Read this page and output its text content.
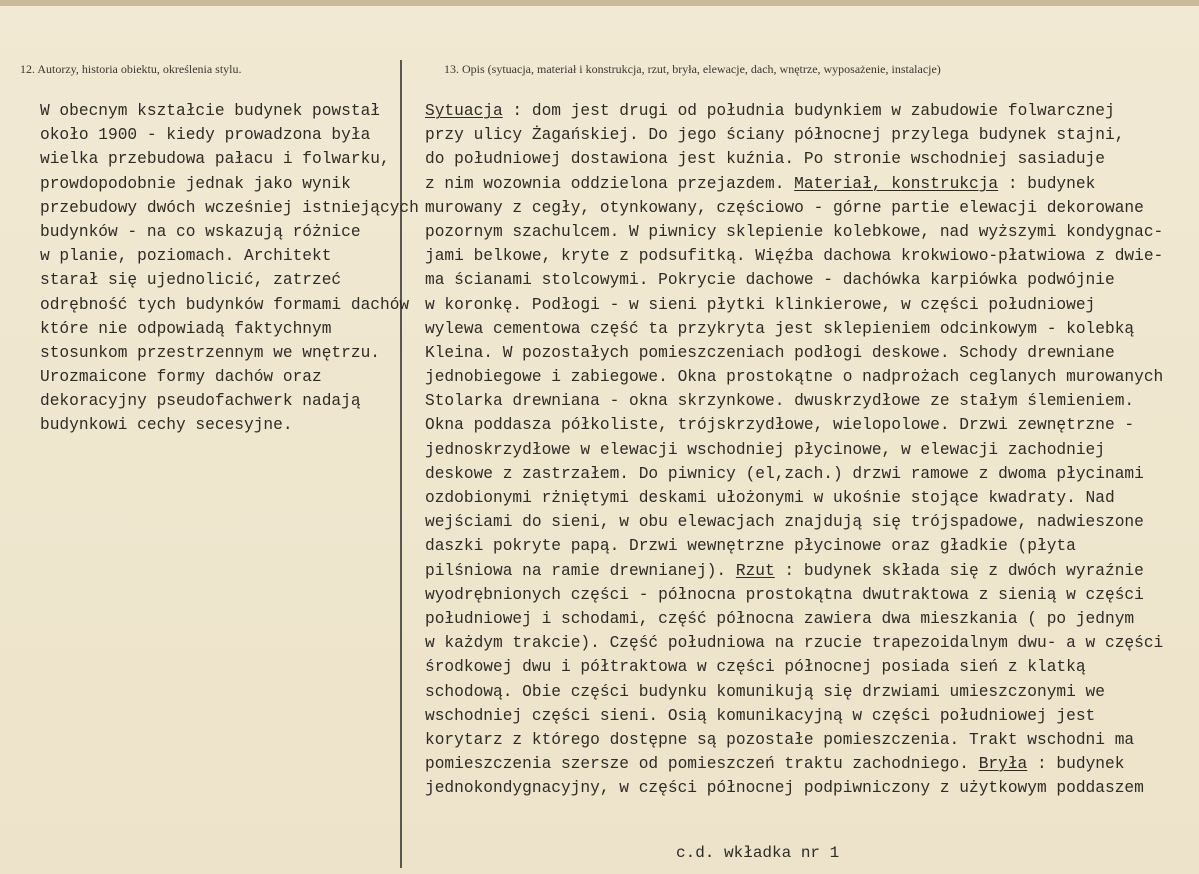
12. Autorzy, historia obiektu, określenia stylu.	13. Opis (sytuacja, materiał i konstrukcja, rzut, bryła, elewacje, dach, wnętrze, wyposażenie, instalacje)
W obecnym kształcie budynek powstał
około 1900 - kiedy prowadzona była
wielka przebudowa pałacu i folwarku,
prowdopodobnie jednak jako wynik
przebudowy dwóch wcześniej istniejących
budynków - na co wskazują różnice
w planie, poziomach. Architekt
starał się ujednolicić, zatrzeć
odrębność tych budynków formami dachów
które nie odpowiadą faktychnym
stosunkom przestrzennym we wnętrzu.
Urozmaicone formy dachów oraz
dekoracyjny pseudofachwerk nadają
budynkowi cechy secesyjne.
Sytuacja : dom jest drugi od południa budynkiem w zabudowie folwarcznej
przy ulicy Żagańskiej. Do jego ściany północnej przylega budynek stajni,
do południowej dostawiona jest kuźnia. Po stronie wschodniej sasiaduje
z nim wozownia oddzielona przejazdem. Materiał, konstrukcja : budynek
murowany z cegły, otynkowany, częściowo - górne partie elewacji dekorowane
pozornym szachulcem. W piwnicy sklepienie kolebkowe, nad wyższymi kondygnac-
jami belkowe, kryte z podsufitką. Więźba dachowa krokwiowo-płatwiowa z dwie-
ma ścianami stolcowymi. Pokrycie dachowe - dachówka karpiówka podwójnie
w koronkę. Podłogi - w sieni płytki klinkierowe, w części południowej
wylewa cementowa część ta przykryta jest sklepieniem odcinkowym - kolebką
Kleina. W pozostałych pomieszczeniach podłogi deskowe. Schody drewniane
jednobiegowe i zabiegowe. Okna prostokątne o nadprożach ceglanych murowanych
Stolarka drewniana - okna skrzynkowe. dwuskrzydłowe ze stałym ślemieniem.
Okna poddasza półkoliste, trójskrzydłowe, wielopolowe. Drzwi zewnętrzne -
jednoskrzydłowe w elewacji wschodniej płycinowe, w elewacji zachodniej
deskowe z zastrzałem. Do piwnicy (el,zach.) drzwi ramowe z dwoma płycinami
ozdobionymi rżniętymi deskami ułożonymi w ukośnie stojące kwadraty. Nad
wejściami do sieni, w obu elewacjach znajdują się trójspadowe, nadwieszone
daszki pokryte papą. Drzwi wewnętrzne płycinowe oraz gładkie (płyta
pilśniowa na ramie drewnianej). Rzut : budynek składa się z dwóch wyraźnie
wyodrębnionych części - północna prostokątna dwutraktowa z sienią w części
południowej i schodami, część północna zawiera dwa mieszkania ( po jednym
w każdym trakcie). Część południowa na rzucie trapezoidalnym dwu- a w części
środkowej dwu i półtraktowa w części północnej posiada sień z klatką
schodową. Obie części budynku komunikują się drzwiami umieszczonymi we
wschodniej części sieni. Osią komunikacyjną w części południowej jest
korytarz z którego dostępne są pozostałe pomieszczenia. Trakt wschodni ma
pomieszczenia szersze od pomieszczeń traktu zachodniego. Bryła : budynek
jednokondygnacyjny, w części północnej podpiwniczony z użytkowym poddaszem
c.d. wkładka nr 1
